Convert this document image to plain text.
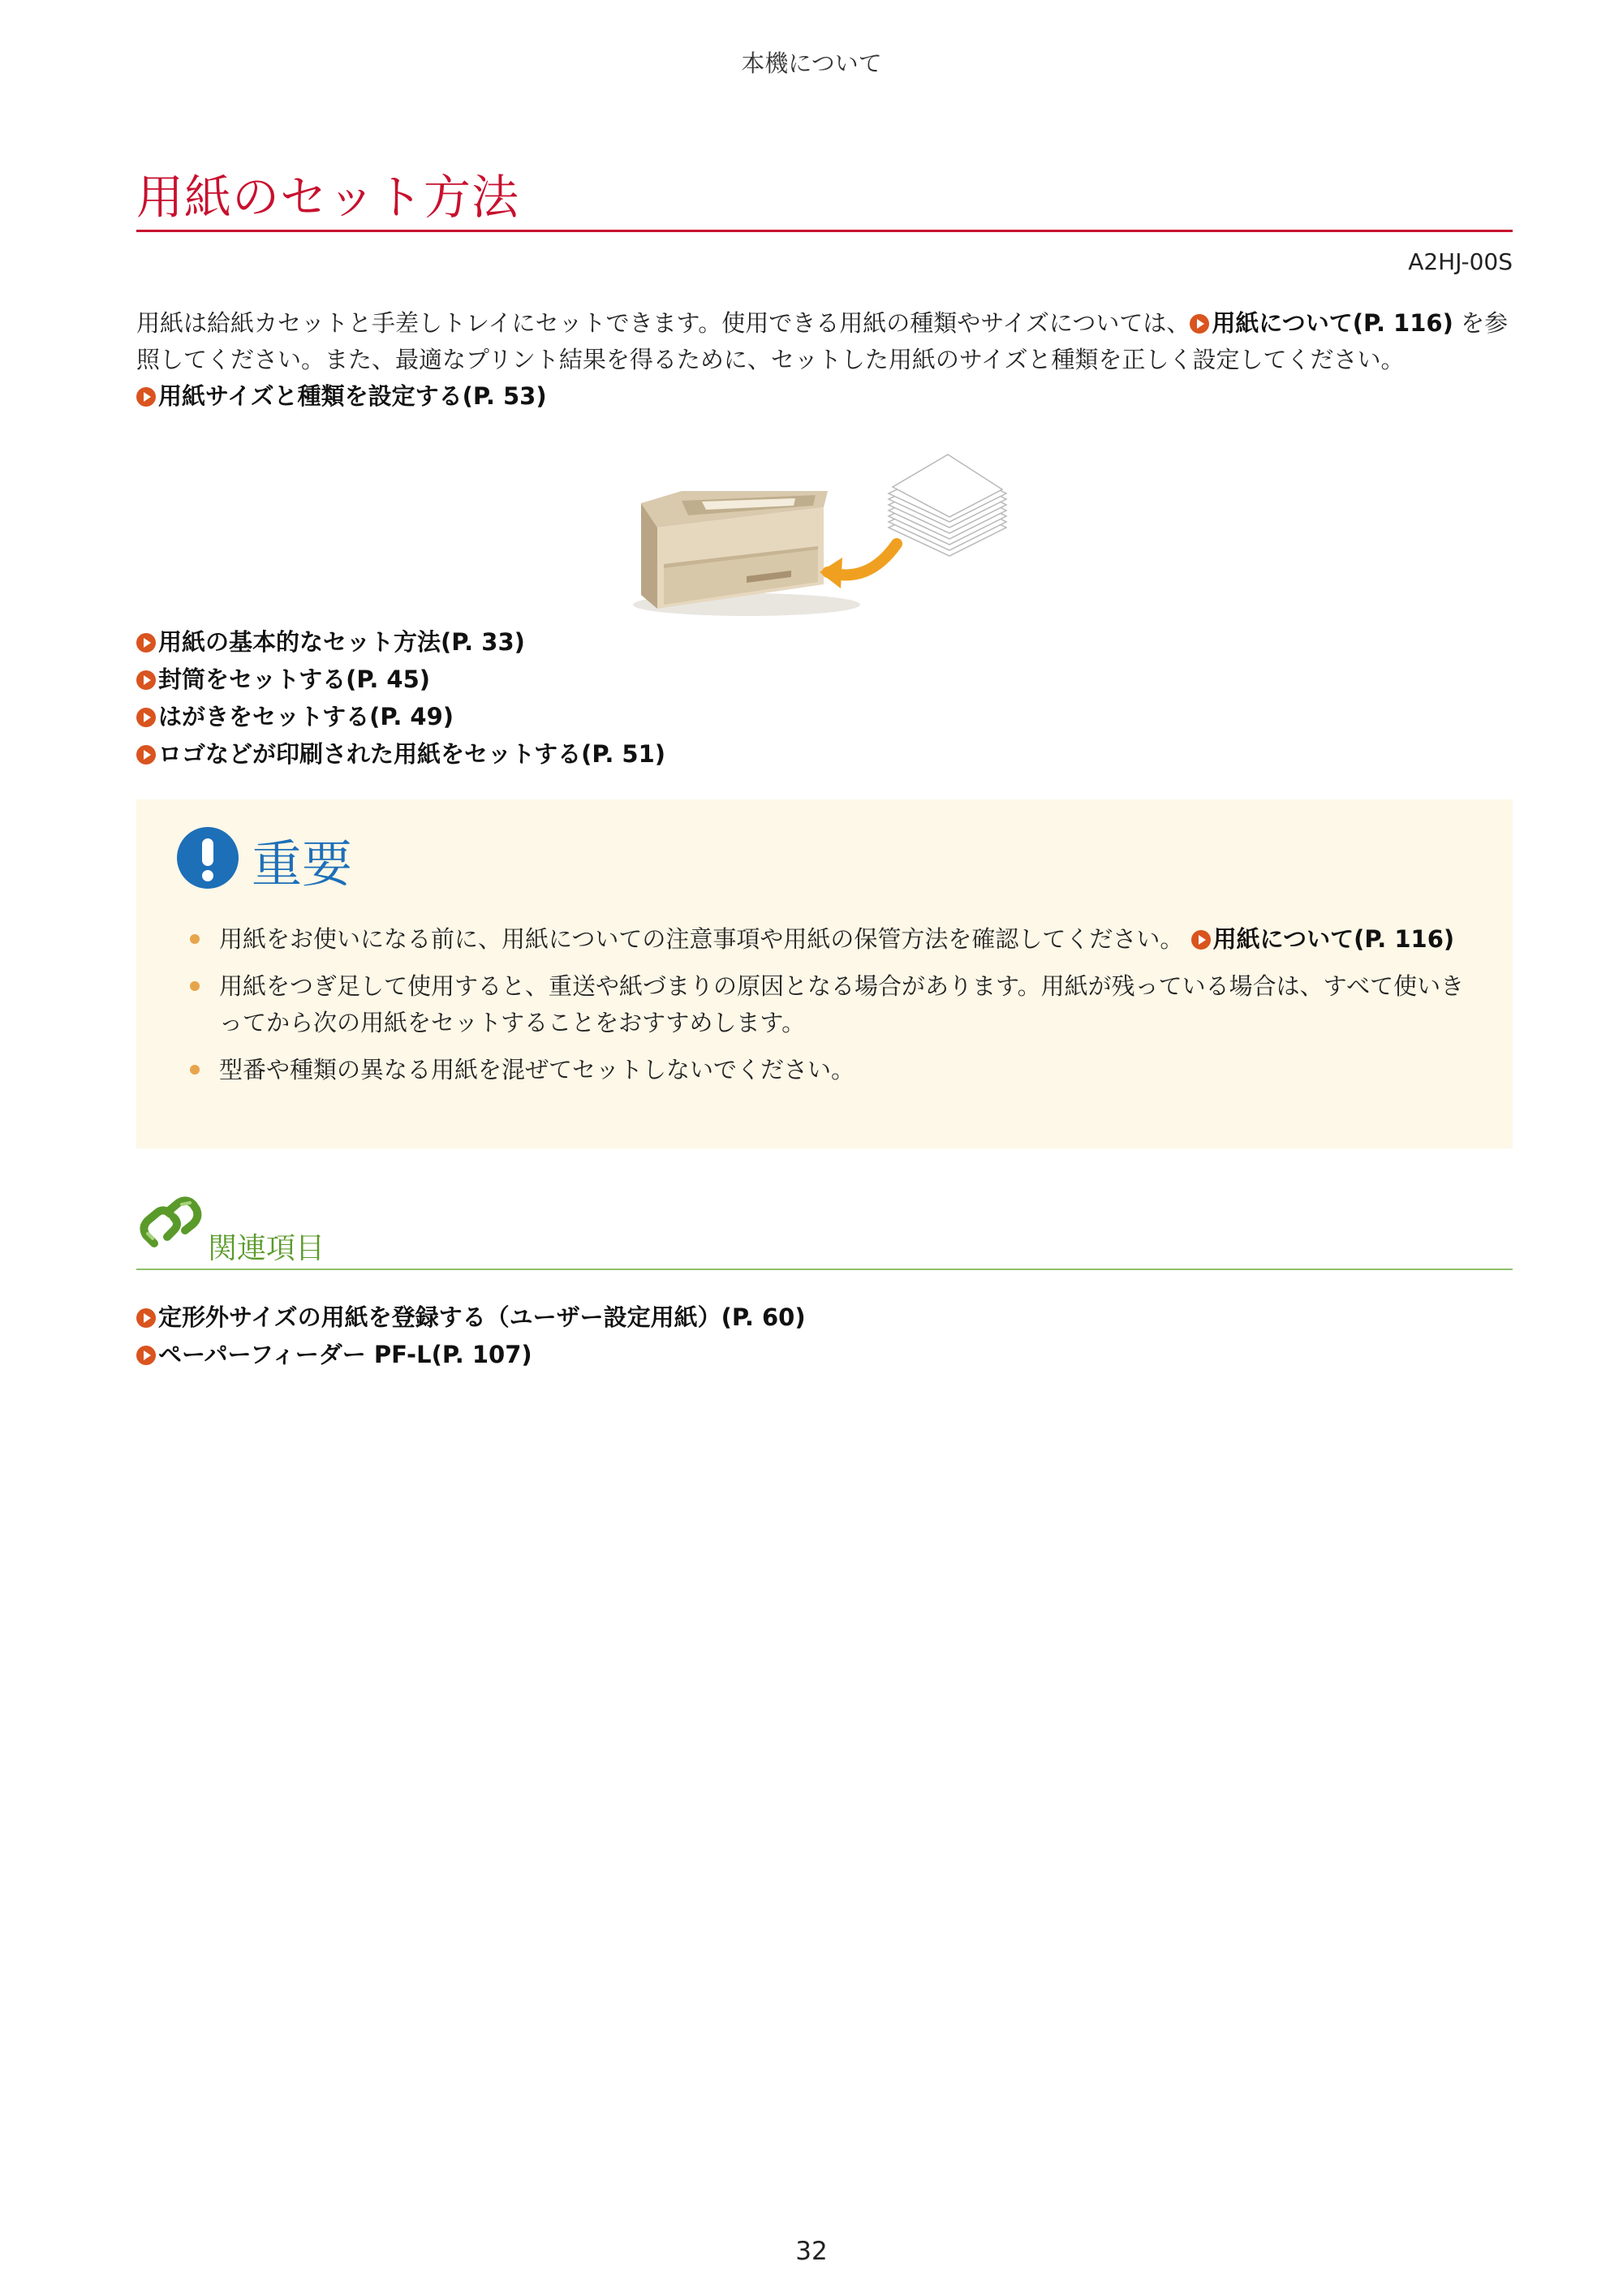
本機について
用紙のセット方法
A2HJ-00S
用紙は給紙カセットと手差しトレイにセットできます。使用できる用紙の種類やサイズについては、 用紙について(P. 116) を参照してください。また、最適なプリント結果を得るために、セットした用紙のサイズと種類を正しく設定してください。
用紙サイズと種類を設定する(P. 53)
用紙の基本的なセット方法(P. 33)
封筒をセットする(P. 45)
はがきをセットする(P. 49)
ロゴなどが印刷された用紙をセットする(P. 51)
重要
用紙をお使いになる前に、用紙についての注意事項や用紙の保管方法を確認してください。 用紙について(P. 116)
用紙をつぎ足して使用すると、重送や紙づまりの原因となる場合があります。用紙が残っている場合は、すべて使いきってから次の用紙をセットすることをおすすめします。
型番や種類の異なる用紙を混ぜてセットしないでください。
関連項目
定形外サイズの用紙を登録する（ユーザー設定用紙）(P. 60)
ペーパーフィーダー PF-L(P. 107)
32
